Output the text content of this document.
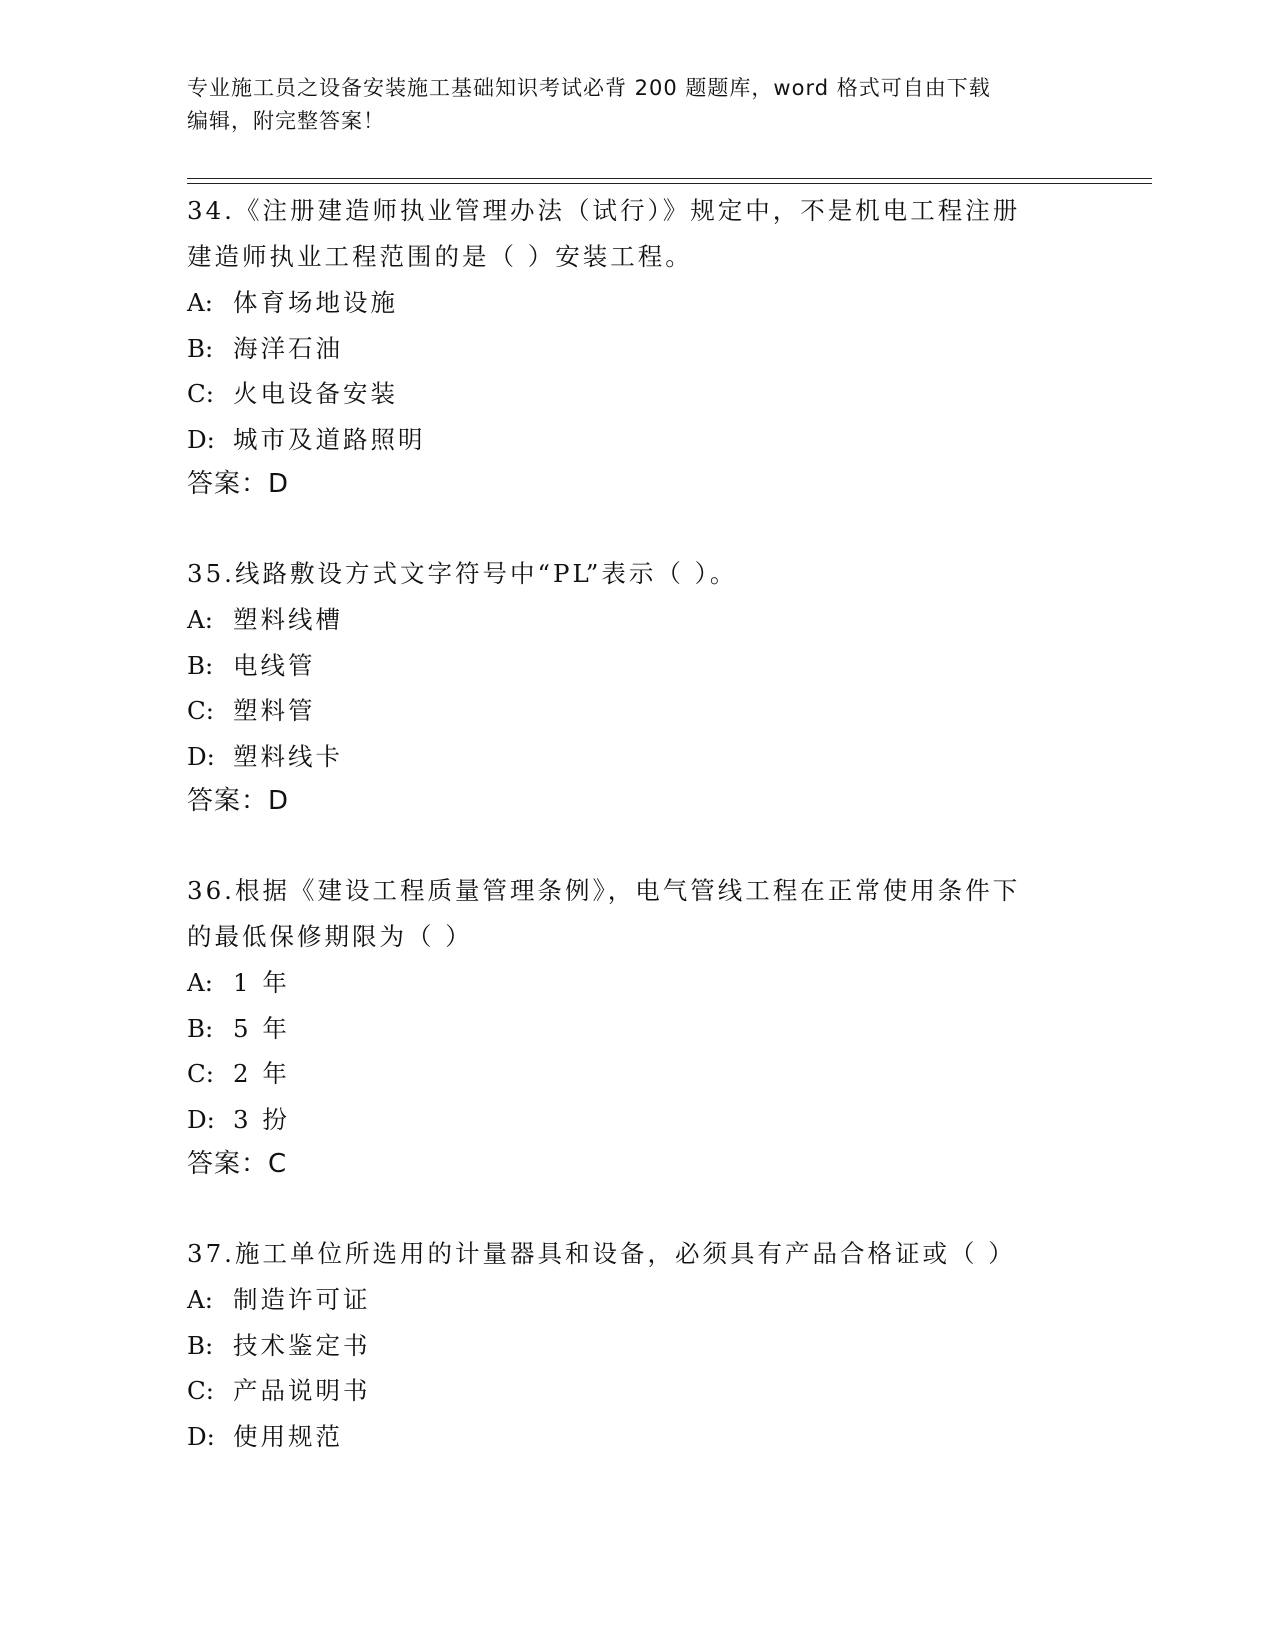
专业施工员之设备安装施工基础知识考试必背 200 题题库，word 格式可自由下载
编辑，附完整答案！
34.《注册建造师执业管理办法（试行）》规定中，不是机电工程注册
建造师执业工程范围的是（ ）安装工程。
A: 体育场地设施
B: 海洋石油
C: 火电设备安装
D: 城市及道路照明
答案：D
35.线路敷设方式文字符号中“PL”表示（ ）。
A: 塑料线槽
B: 电线管
C: 塑料管
D: 塑料线卡
答案：D
36.根据《建设工程质量管理条例》，电气管线工程在正常使用条件下
的最低保修期限为（ ）
A: 1 年
B: 5 年
C: 2 年
D: 3 扮
答案：C
37.施工单位所选用的计量器具和设备，必须具有产品合格证或（ ）
A: 制造许可证
B: 技术鉴定书
C: 产品说明书
D: 使用规范
